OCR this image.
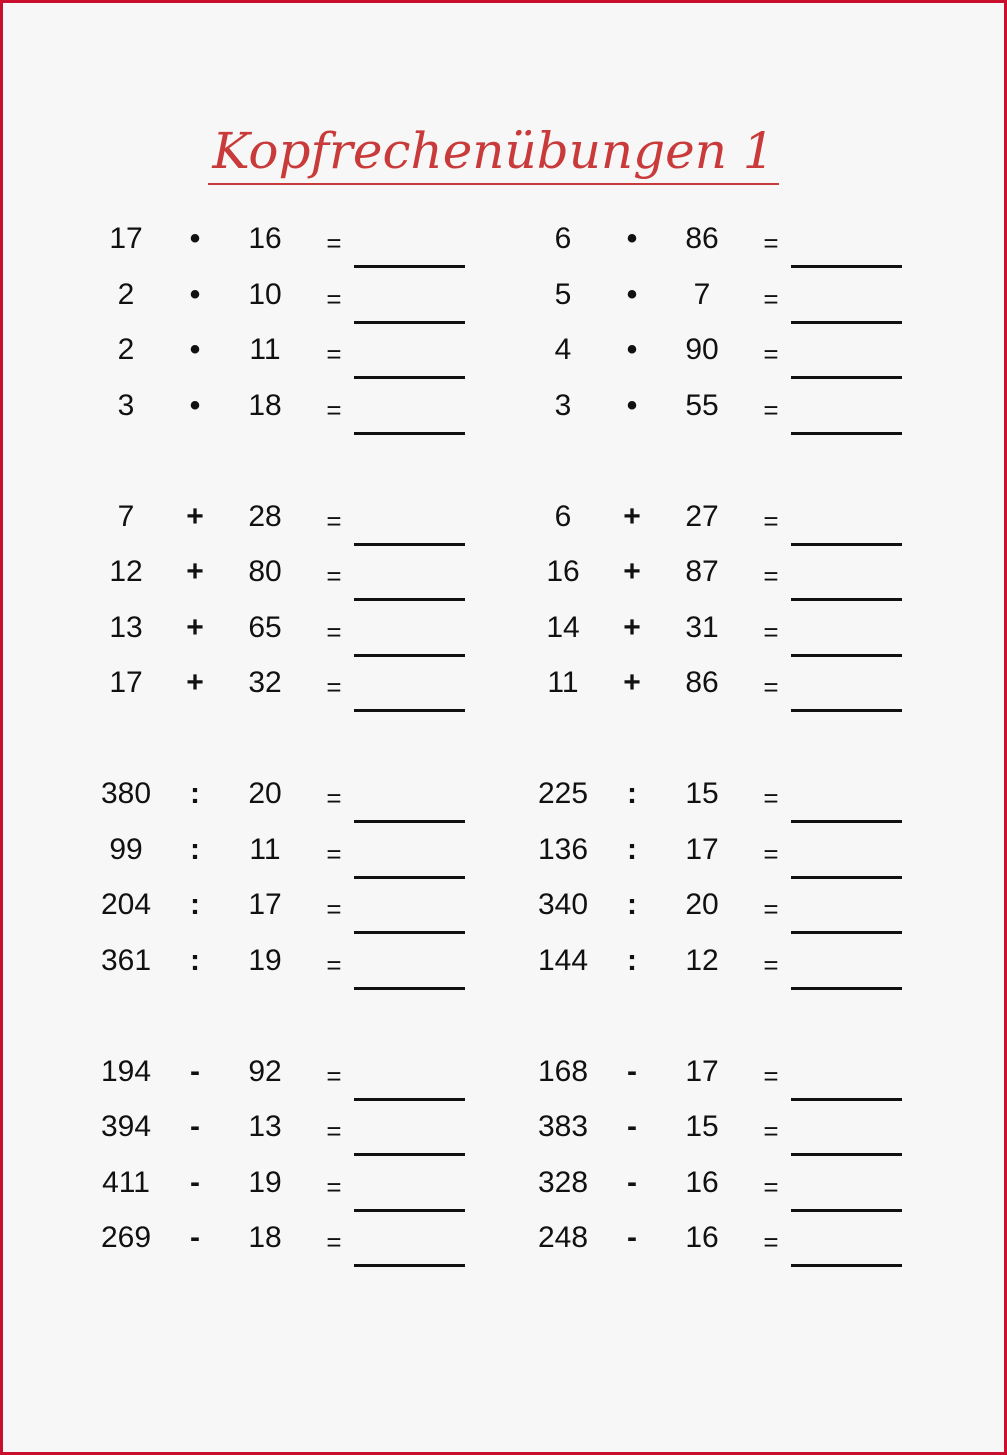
Kopfrechenübungen 1
17	•	16	=
2	•	10	=
2	•	11	=
3	•	18	=
7	+	28	=
12	+	80	=
13	+	65	=
17	+	32	=
380	:	20	=
99	:	11	=
204	:	17	=
361	:	19	=
194	-	92	=
394	-	13	=
411	-	19	=
269	-	18	=
6	•	86	=
5	•	7	=
4	•	90	=
3	•	55	=
6	+	27	=
16	+	87	=
14	+	31	=
11	+	86	=
225	:	15	=
136	:	17	=
340	:	20	=
144	:	12	=
168	-	17	=
383	-	15	=
328	-	16	=
248	-	16	=
